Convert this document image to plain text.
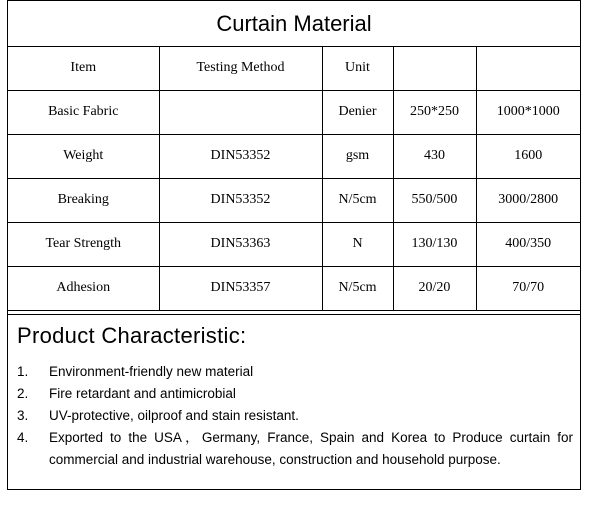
Curtain Material
Item	Testing Method	Unit		
Basic Fabric		Denier	250*250	1000*1000
Weight	DIN53352	gsm	430	1600
Breaking	DIN53352	N/5cm	550/500	3000/2800
Tear Strength	DIN53363	N	130/130	400/350
Adhesion	DIN53357	N/5cm	20/20	70/70
Product Characteristic:
1.	Environment-friendly new material
2.	Fire retardant and antimicrobial
3.	UV-protective, oilproof and stain resistant.
4.	Exported to the USA，Germany, France, Spain and Korea to Produce curtain for commercial and industrial warehouse, construction and household purpose.
